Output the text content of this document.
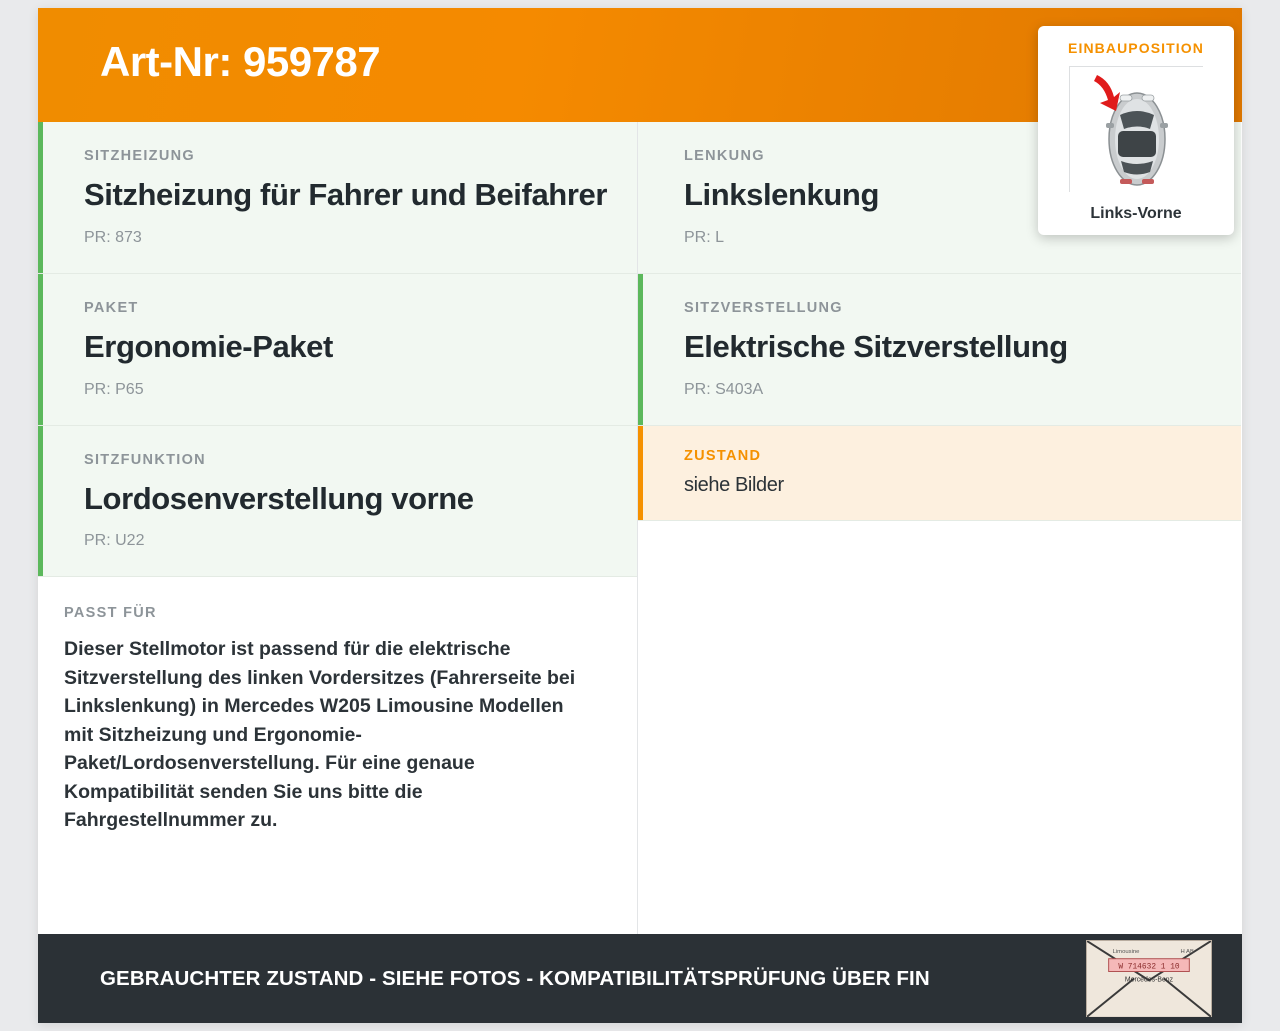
Art-Nr: 959787
SITZHEIZUNG
Sitzheizung für Fahrer und Beifahrer
PR: 873
PAKET
Ergonomie-Paket
PR: P65
SITZFUNKTION
Lordosenverstellung vorne
PR: U22
PASST FÜR
Dieser Stellmotor ist passend für die elektrische Sitzverstellung des linken Vordersitzes (Fahrerseite bei Linkslenkung) in Mercedes W205 Limousine Modellen mit Sitzheizung und Ergonomie-Paket/Lordosenverstellung. Für eine genaue Kompatibilität senden Sie uns bitte die Fahrgestellnummer zu.
LENKUNG
Linkslenkung
PR: L
SITZVERSTELLUNG
Elektrische Sitzverstellung
PR: S403A
ZUSTAND
siehe Bilder
GEBRAUCHTER ZUSTAND - SIEHE FOTOS - KOMPATIBILITÄTSPRÜFUNG ÜBER FIN	W 714632 1 10
Limousine	H AB
Mercedes-Benz
EINBAUPOSITION
Links-Vorne
